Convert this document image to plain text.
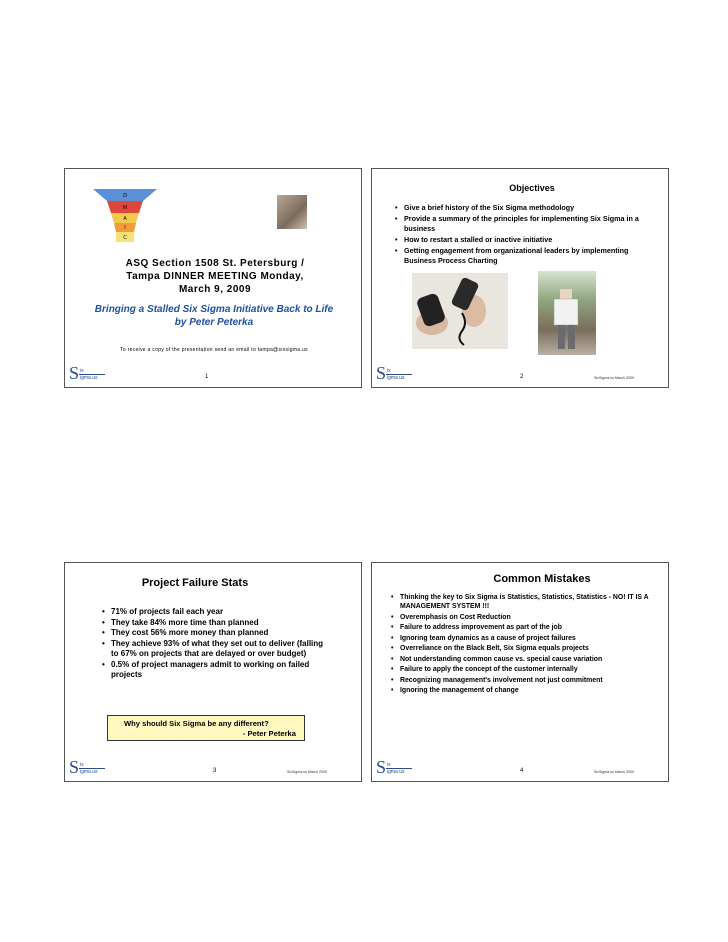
D
M
A
I
C
ASQ Section 1508 St. Petersburg /
Tampa DINNER MEETING Monday,
March 9, 2009
Bringing a Stalled Six Sigma Initiative Back to Life
by Peter Peterka
To receive a copy of the presentation send an email to tampa@sixsigma.us
S ix
igma.us	1
Objectives
• Give a brief history of the Six Sigma methodology
• Provide a summary of the principles for implementing Six Sigma in a business
• How to restart a stalled or inactive initiative
• Getting engagement from organizational leaders by implementing Business Process Charting
S ix
igma.us	2	SixSigma.us March 2009
Project Failure Stats
• 71% of projects fail each year
• They take 84% more time than planned
• They cost 56% more money than planned
• They achieve 93% of what they set out to deliver (falling to 67% on projects that are delayed or over budget)
• 0.5% of project managers admit to working on failed projects
Why should Six Sigma be any different?
- Peter Peterka
S ix
igma.us	3	SixSigma.us March 2009
Common Mistakes
• Thinking the key to Six Sigma is Statistics, Statistics, Statistics - NO! IT IS A MANAGEMENT SYSTEM !!!
• Overemphasis on Cost Reduction
• Failure to address improvement as part of the job
• Ignoring team dynamics as a cause of project failures
• Overreliance on the Black Belt, Six Sigma equals projects
• Not understanding common cause vs. special cause variation
• Failure to apply the concept of the customer internally
• Recognizing management's involvement not just commitment
• Ignoring the management of change
S ix
igma.us	4	SixSigma.us March 2009
